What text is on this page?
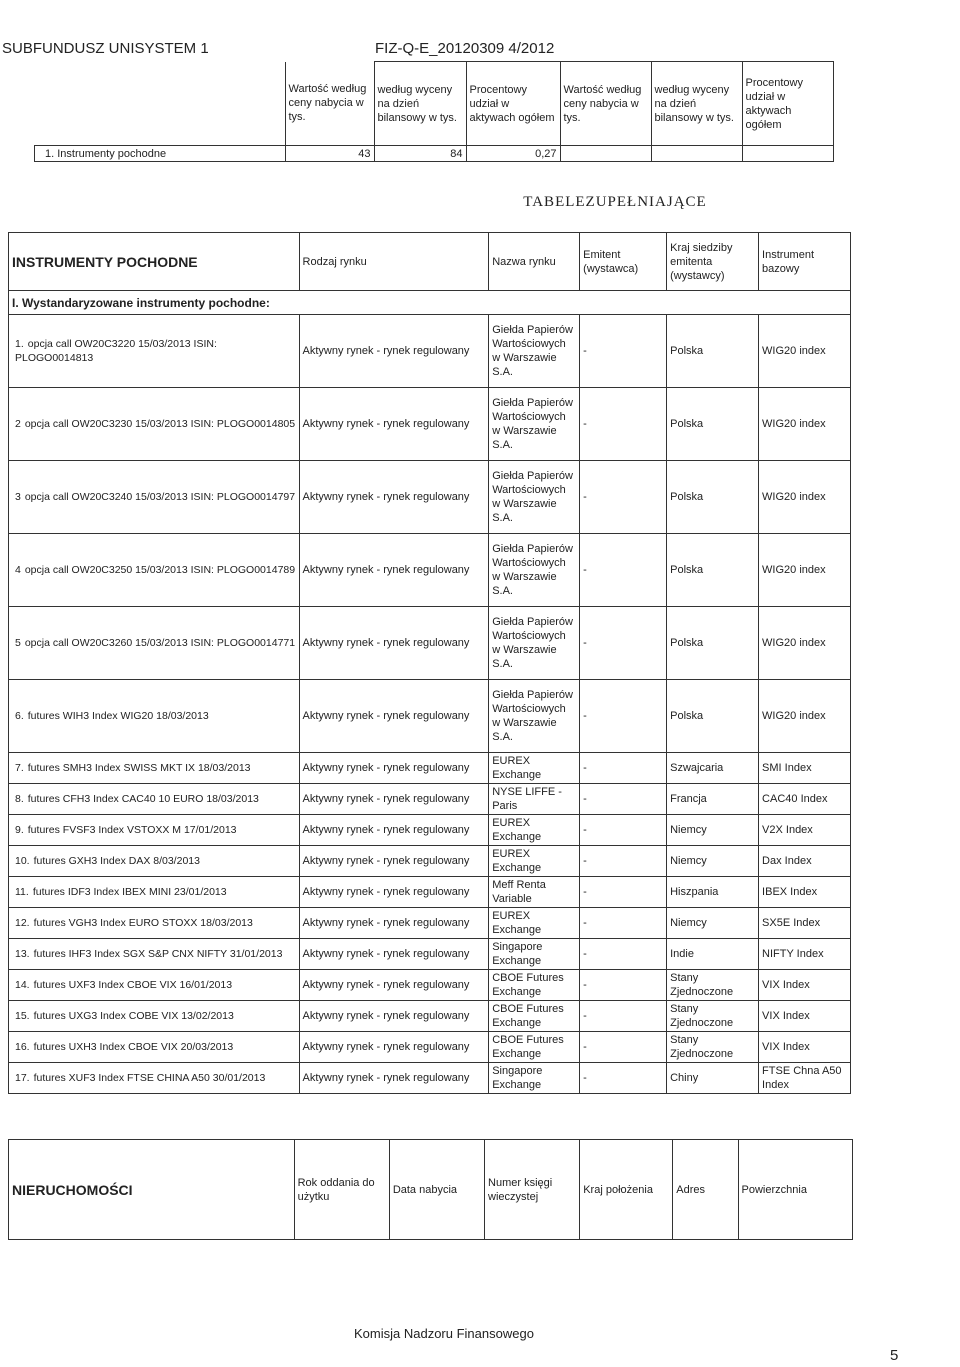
SUBFUNDUSZ UNISYSTEM 1	FIZ-Q-E_20120309 4/2012
	Wartość według ceny nabycia w tys.	według wyceny na dzień bilansowy w tys.	Procentowy udział w aktywach ogółem	Wartość według ceny nabycia w tys.	według wyceny na dzień bilansowy w tys.	Procentowy udział w aktywach ogółem
1. Instrumenty pochodne	43	84	0,27			
TABELEZUPEŁNIAJĄCE
INSTRUMENTY POCHODNE	Rodzaj rynku	Nazwa rynku	Emitent (wystawca)	Kraj siedziby emitenta (wystawcy)	Instrument bazowy
I. Wystandaryzowane instrumenty pochodne:					
1. opcja call OW20C3220 15/03/2013 ISIN: PLOGO0014813	Aktywny rynek - rynek regulowany	Giełda Papierów Wartościowych w Warszawie S.A.	-	Polska	WIG20 index
2 opcja call OW20C3230 15/03/2013 ISIN: PLOGO0014805	Aktywny rynek - rynek regulowany	Giełda Papierów Wartościowych w Warszawie S.A.	-	Polska	WIG20 index
3 opcja call OW20C3240 15/03/2013 ISIN: PLOGO0014797	Aktywny rynek - rynek regulowany	Giełda Papierów Wartościowych w Warszawie S.A.	-	Polska	WIG20 index
4 opcja call OW20C3250 15/03/2013 ISIN: PLOGO0014789	Aktywny rynek - rynek regulowany	Giełda Papierów Wartościowych w Warszawie S.A.	-	Polska	WIG20 index
5 opcja call OW20C3260 15/03/2013 ISIN: PLOGO0014771	Aktywny rynek - rynek regulowany	Giełda Papierów Wartościowych w Warszawie S.A.	-	Polska	WIG20 index
6. futures WIH3 Index WIG20 18/03/2013	Aktywny rynek - rynek regulowany	Giełda Papierów Wartościowych w Warszawie S.A.	-	Polska	WIG20 index
7. futures SMH3 Index SWISS MKT IX 18/03/2013	Aktywny rynek - rynek regulowany	EUREX Exchange	-	Szwajcaria	SMI Index
8. futures CFH3 Index CAC40 10 EURO 18/03/2013	Aktywny rynek - rynek regulowany	NYSE LIFFE - Paris	-	Francja	CAC40 Index
9. futures FVSF3 Index VSTOXX M 17/01/2013	Aktywny rynek - rynek regulowany	EUREX Exchange	-	Niemcy	V2X Index
10. futures GXH3 Index DAX 8/03/2013	Aktywny rynek - rynek regulowany	EUREX Exchange	-	Niemcy	Dax Index
11. futures IDF3 Index IBEX MINI 23/01/2013	Aktywny rynek - rynek regulowany	Meff Renta Variable	-	Hiszpania	IBEX Index
12. futures VGH3 Index EURO STOXX 18/03/2013	Aktywny rynek - rynek regulowany	EUREX Exchange	-	Niemcy	SX5E Index
13. futures IHF3 Index SGX S&P CNX NIFTY 31/01/2013	Aktywny rynek - rynek regulowany	Singapore Exchange	-	Indie	NIFTY Index
14. futures UXF3 Index CBOE VIX 16/01/2013	Aktywny rynek - rynek regulowany	CBOE Futures Exchange	-	Stany Zjednoczone	VIX Index
15. futures UXG3 Index COBE VIX 13/02/2013	Aktywny rynek - rynek regulowany	CBOE Futures Exchange	-	Stany Zjednoczone	VIX Index
16. futures UXH3 Index CBOE VIX 20/03/2013	Aktywny rynek - rynek regulowany	CBOE Futures Exchange	-	Stany Zjednoczone	VIX Index
17. futures XUF3 Index FTSE CHINA A50 30/01/2013	Aktywny rynek - rynek regulowany	Singapore Exchange	-	Chiny	FTSE Chna A50 Index
NIERUCHOMOŚCI	Rok oddania do użytku	Data nabycia	Numer księgi wieczystej	Kraj położenia	Adres	Powierzchnia
Komisja Nadzoru Finansowego
5
